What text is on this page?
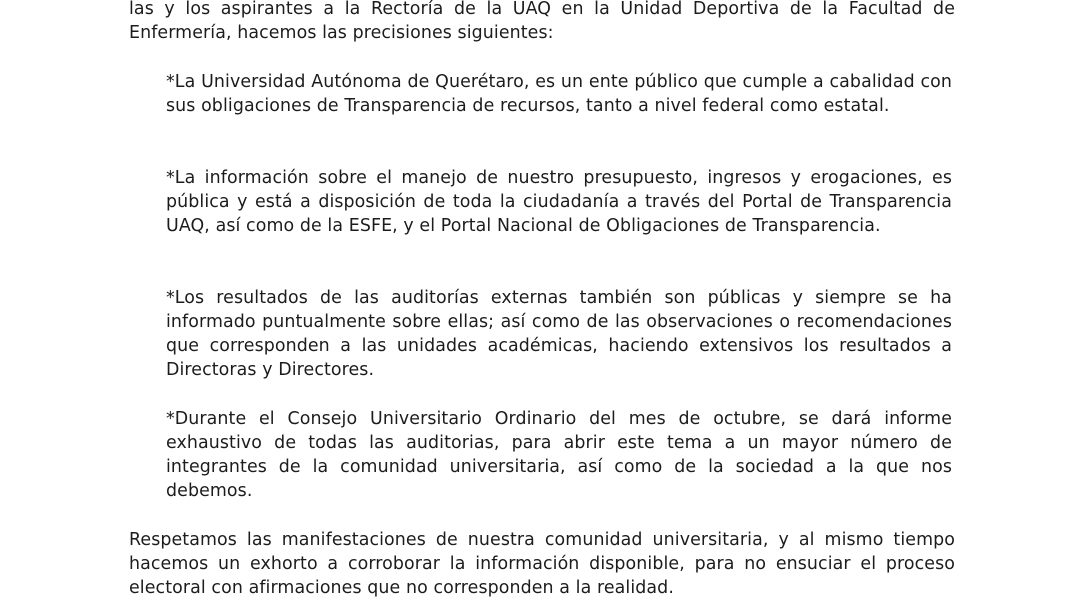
las y los aspirantes a la Rectoría de la UAQ en la Unidad Deportiva de la Facultad de Enfermería, hacemos las precisiones siguientes:

*La Universidad Autónoma de Querétaro, es un ente público que cumple a cabalidad con sus obligaciones de Transparencia de recursos, tanto a nivel federal como estatal.

*La información sobre el manejo de nuestro presupuesto, ingresos y erogaciones, es pública y está a disposición de toda la ciudadanía a través del Portal de Transparencia UAQ, así como de la ESFE, y el Portal Nacional de Obligaciones de Transparencia.

*Los resultados de las auditorías externas también son públicas y siempre se ha informado puntualmente sobre ellas; así como de las observaciones o recomendaciones que corresponden a las unidades académicas, haciendo extensivos los resultados a Directoras y Directores.

*Durante el Consejo Universitario Ordinario del mes de octubre, se dará informe exhaustivo de todas las auditorias, para abrir este tema a un mayor número de integrantes de la comunidad universitaria, así como de la sociedad a la que nos debemos.

Respetamos las manifestaciones de nuestra comunidad universitaria, y al mismo tiempo hacemos un exhorto a corroborar la información disponible, para no ensuciar el proceso electoral con afirmaciones que no corresponden a la realidad.
